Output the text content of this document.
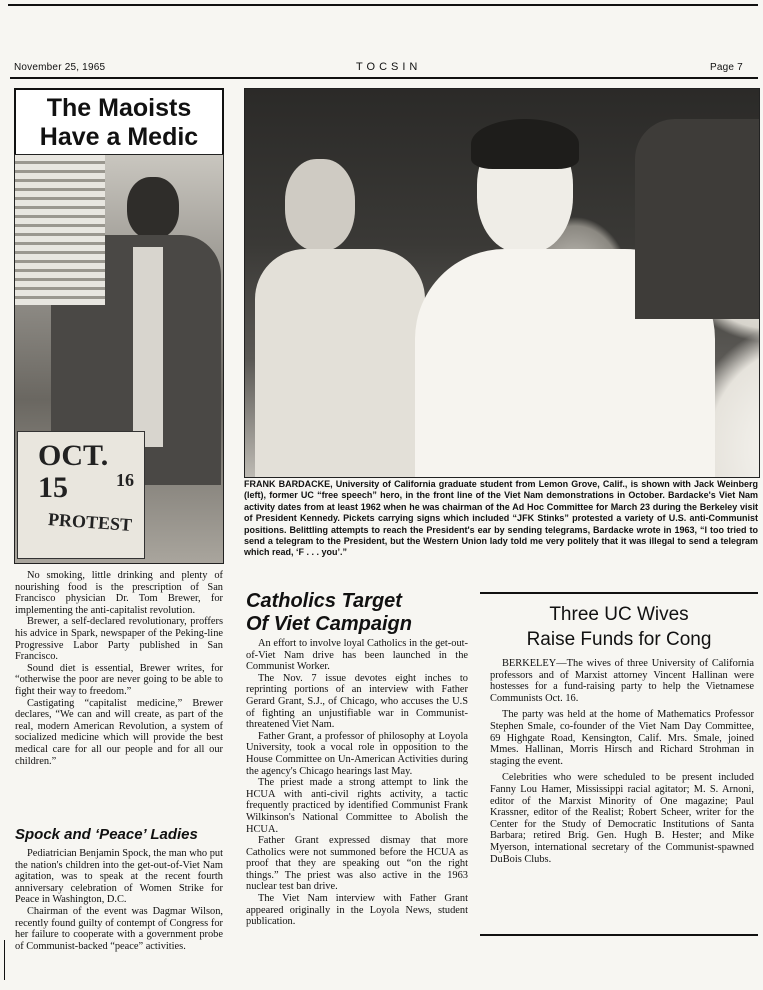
November 25, 1965	TOCSIN	Page 7
The Maoists
Have a Medic
OCT. 15	16
PROTEST

No smoking, little drinking and plenty of nourishing food is the prescription of San Francisco physician Dr. Tom Brewer, for implementing the anti-capitalist revolution.

Brewer, a self-declared revolutionary, proffers his advice in Spark, newspaper of the Peking-line Progressive Labor Party published in San Francisco.

Sound diet is essential, Brewer writes, for “otherwise the poor are never going to be able to fight their way to freedom.”

Castigating “capitalist medicine,” Brewer declares, “We can and will create, as part of the real, modern American Revolution, a system of socialized medicine which will provide the best medical care for all our people and for all our children.”

Spock and ‘Peace’ Ladies

Pediatrician Benjamin Spock, the man who put the nation's children into the get-out-of-Viet Nam agitation, was to speak at the recent fourth anniversary celebration of Women Strike for Peace in Washington, D.C.

Chairman of the event was Dagmar Wilson, recently found guilty of contempt of Congress for her failure to cooperate with a government probe of Communist-backed “peace” activities.

FRANK BARDACKE, University of California graduate student from Lemon Grove, Calif., is shown with Jack Weinberg (left), former UC “free speech” hero, in the front line of the Viet Nam demonstrations in October. Bardacke's Viet Nam activity dates from at least 1962 when he was chairman of the Ad Hoc Committee for March 23 during the Berkeley visit of President Kennedy. Pickets carrying signs which included “JFK Stinks” protested a variety of U.S. anti-Communist positions. Belittling attempts to reach the President's ear by sending telegrams, Bardacke wrote in 1963, “I too tried to send a telegram to the President, but the Western Union lady told me very politely that it was illegal to send a telegram which read, ‘F . . . you’.”
Catholics Target
Of Viet Campaign

An effort to involve loyal Catholics in the get-out-of-Viet Nam drive has been launched in the Communist Worker.

The Nov. 7 issue devotes eight inches to reprinting portions of an interview with Father Gerard Grant, S.J., of Chicago, who accuses the U.S of fighting an unjustifiable war in Communist-threatened Viet Nam.

Father Grant, a professor of philosophy at Loyola University, took a vocal role in opposition to the House Committee on Un-American Activities during the agency's Chicago hearings last May.

The priest made a strong attempt to link the HCUA with anti-civil rights activity, a tactic frequently practiced by identified Communist Frank Wilkinson's National Committee to Abolish the HCUA.

Father Grant expressed dismay that more Catholics were not summoned before the HCUA as proof that they are speaking out “on the right things.” The priest was also active in the 1963 nuclear test ban drive.

The Viet Nam interview with Father Grant appeared originally in the Loyola News, student publication.

Three UC Wives
Raise Funds for Cong

BERKELEY—The wives of three University of California professors and of Marxist attorney Vincent Hallinan were hostesses for a fund-raising party to help the Vietnamese Communists Oct. 16.

The party was held at the home of Mathematics Professor Stephen Smale, co-founder of the Viet Nam Day Committee, 69 Highgate Road, Kensington, Calif. Mrs. Smale, joined Mmes. Hallinan, Morris Hirsch and Richard Strohman in staging the event.

Celebrities who were scheduled to be present included Fanny Lou Hamer, Mississippi racial agitator; M. S. Arnoni, editor of the Marxist Minority of One magazine; Paul Krassner, editor of the Realist; Robert Scheer, writer for the Center for the Study of Democratic Institutions of Santa Barbara; retired Brig. Gen. Hugh B. Hester; and Mike Myerson, international secretary of the Communist-spawned DuBois Clubs.
